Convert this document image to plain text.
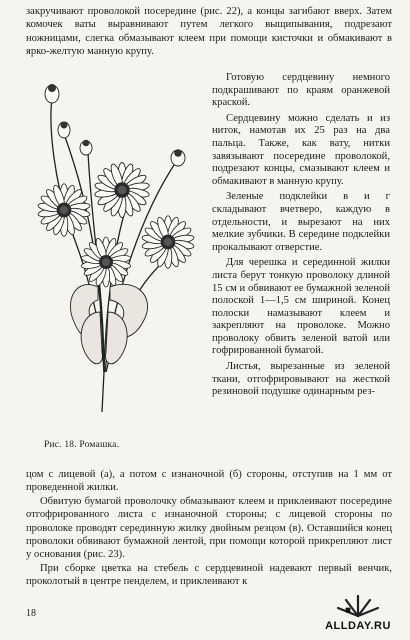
закручивают проволокой посередине (рис. 22), а концы загибают вверх. Затем комочек ваты выравнивают путем легкого выщипывания, подрезают ножницами, слегка обмазывают клеем при помощи кисточки и обмакивают в ярко-желтую манную крупу.

Рис. 18. Ромашка.

Готовую сердцевину немного подкрашивают по краям оранжевой краской.

Сердцевину можно сделать и из ниток, намотав их 25 раз на два пальца. Также, как вату, нитки завязывают посередине проволокой, подрезают концы, смазывают клеем и обмакивают в манную крупу.

Зеленые подклейки в и г складывают вчетверо, каждую в отдельности, и вырезают на них мелкие зубчики. В середине подклейки прокалывают отверстие.

Для черешка и серединной жилки листа берут тонкую проволоку длиной 15 см и обвивают ее бумажной зеленой полоской 1—1,5 см шириной. Конец полоски намазывают клеем и закрепляют на проволоке. Можно проволоку обвить зеленой ватой или гофрированной бумагой.

Листья, вырезанные из зеленой ткани, отгофрировывают на жесткой резиновой подушке одинарным рез-

цом с лицевой (а), а потом с изнаночной (б) стороны, отступив на 1 мм от проведенной жилки.

Обвитую бумагой проволочку обмазывают клеем и приклеивают посередине отгофрированного листа с изнаночной стороны; с лицевой стороны по проволоке проводят серединную жилку двойным резцом (в). Оставшийся конец проволоки обвивают бумажной лентой, при помощи которой прикрепляют лист у основания (рис. 23).

При сборке цветка на стебель с сердцевиной надевают первый венчик, проколотый в центре пенделем, и приклеивают к

18
ALLDAY.RU
